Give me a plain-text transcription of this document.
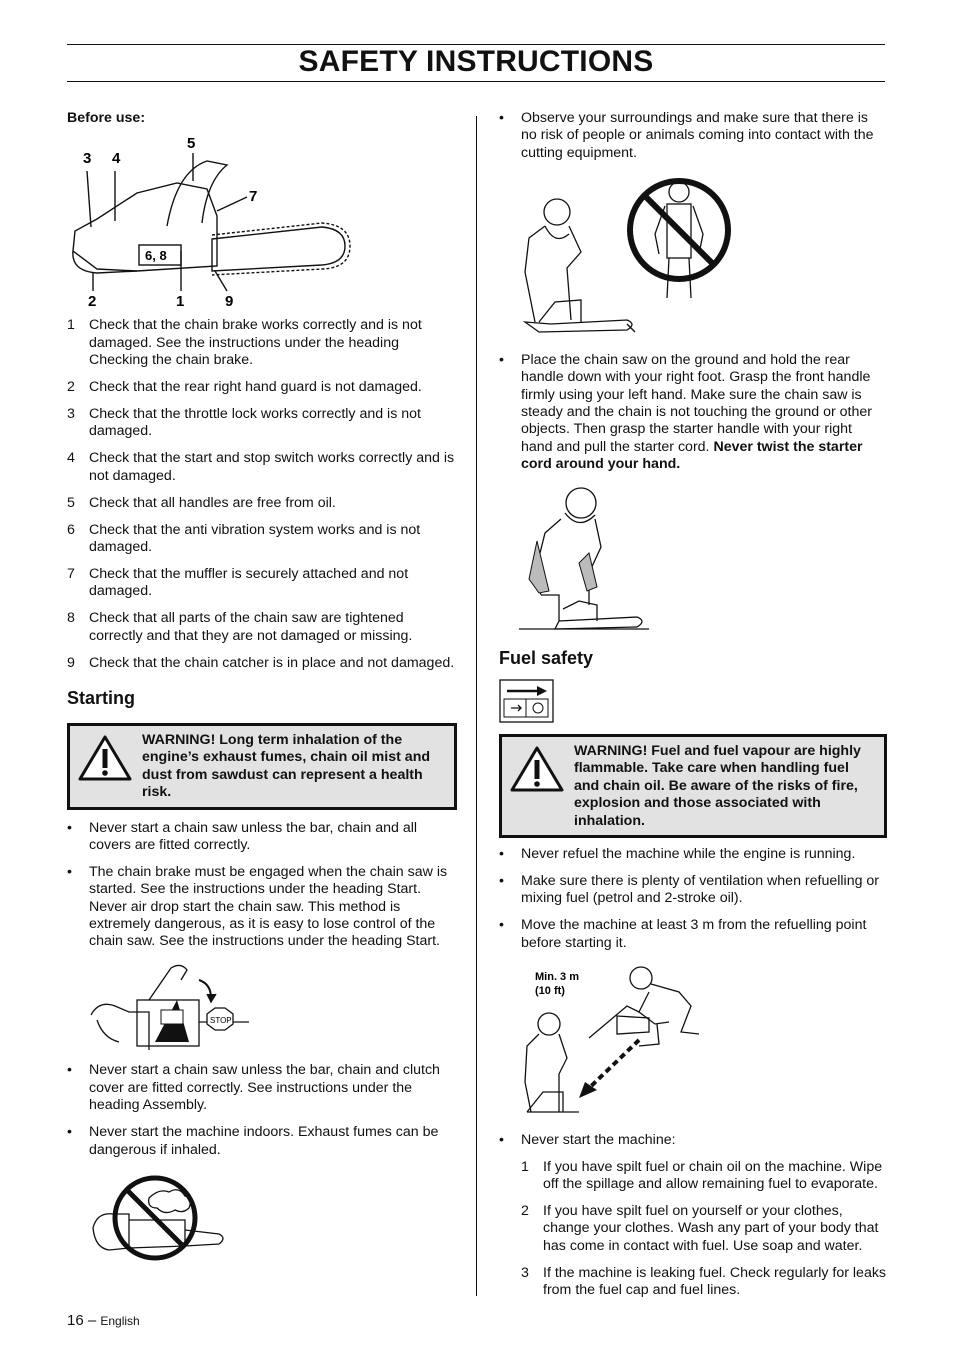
SAFETY INSTRUCTIONS
Before use:
3 4
5
7
2	1	9
6, 8
1 Check that the chain brake works correctly and is not damaged. See the instructions under the heading Checking the chain brake.
2 Check that the rear right hand guard is not damaged.
3 Check that the throttle lock works correctly and is not damaged.
4 Check that the start and stop switch works correctly and is not damaged.
5 Check that all handles are free from oil.
6 Check that the anti vibration system works and is not damaged.
7 Check that the muffler is securely attached and not damaged.
8 Check that all parts of the chain saw are tightened correctly and that they are not damaged or missing.
9 Check that the chain catcher is in place and not damaged.
Starting
WARNING! Long term inhalation of the engine’s exhaust fumes, chain oil mist and dust from sawdust can represent a health risk.
• Never start a chain saw unless the bar, chain and all covers are fitted correctly.
• The chain brake must be engaged when the chain saw is started. See the instructions under the heading Start. Never air drop start the chain saw. This method is extremely dangerous, as it is easy to lose control of the chain saw. See the instructions under the heading Start.
STOP
• Never start a chain saw unless the bar, chain and clutch cover are fitted correctly. See instructions under the heading Assembly.
• Never start the machine indoors. Exhaust fumes can be dangerous if inhaled.
• Observe your surroundings and make sure that there is no risk of people or animals coming into contact with the cutting equipment.
• Place the chain saw on the ground and hold the rear handle down with your right foot. Grasp the front handle firmly using your left hand. Make sure the chain saw is steady and the chain is not touching the ground or other objects. Then grasp the starter handle with your right hand and pull the starter cord. Never twist the starter cord around your hand.
Fuel safety
WARNING! Fuel and fuel vapour are highly flammable. Take care when handling fuel and chain oil. Be aware of the risks of fire, explosion and those associated with inhalation.
• Never refuel the machine while the engine is running.
• Make sure there is plenty of ventilation when refuelling or mixing fuel (petrol and 2-stroke oil).
• Move the machine at least 3 m from the refuelling point before starting it.
Min. 3 m
(10 ft)
• Never start the machine:
1 If you have spilt fuel or chain oil on the machine. Wipe off the spillage and allow remaining fuel to evaporate.
2 If you have spilt fuel on yourself or your clothes, change your clothes. Wash any part of your body that has come in contact with fuel. Use soap and water.
3 If the machine is leaking fuel. Check regularly for leaks from the fuel cap and fuel lines.
16 – English
